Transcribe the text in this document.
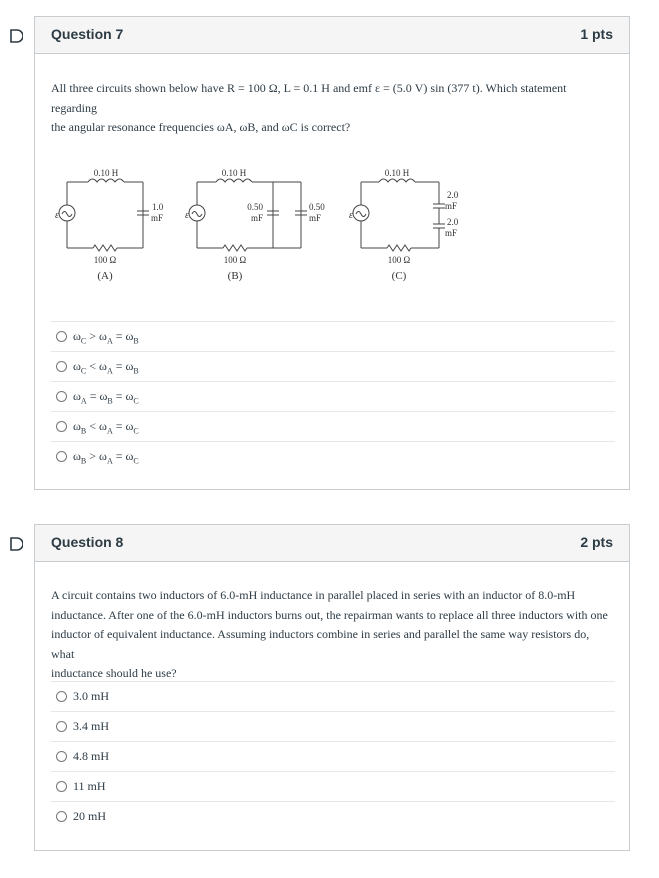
Question 7	1 pts
All three circuits shown below have R = 100 Ω, L = 0.1 H and emf ε = (5.0 V) sin (377 t). Which statement regarding
the angular resonance frequencies ωA, ωB, and ωC is correct?
0.10 H
ε
1.0
mF
100 Ω
(A)
0.10 H
ε
0.50
mF
0.50
mF
100 Ω
(B)
0.10 H
ε
2.0
mF
2.0
mF
100 Ω
(C)
$\omega_C > \omega_A = \omega_B$
$\omega_C < \omega_A = \omega_B$
$\omega_A = \omega_B = \omega_C$
$\omega_B < \omega_A = \omega_C$
$\omega_B > \omega_A = \omega_C$
Question 8	2 pts
A circuit contains two inductors of 6.0-mH inductance in parallel placed in series with an inductor of 8.0-mH
inductance. After one of the 6.0-mH inductors burns out, the repairman wants to replace all three inductors with one
inductor of equivalent inductance. Assuming inductors combine in series and parallel the same way resistors do, what
inductance should he use?
3.0 mH
3.4 mH
4.8 mH
11 mH
20 mH
